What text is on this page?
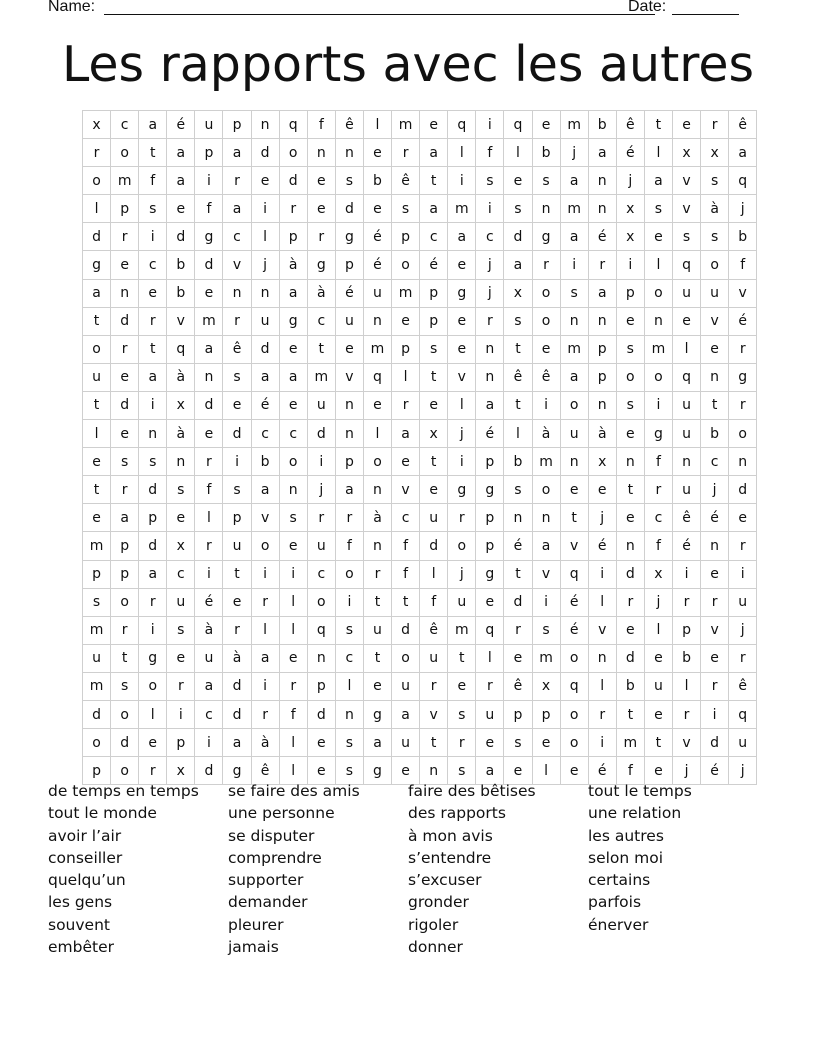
Name:	Date:
Les rapports avec les autres
x	c	a	é	u	p	n	q	f	ê	l	m	e	q	i	q	e	m	b	ê	t	e	r	ê
r	o	t	a	p	a	d	o	n	n	e	r	a	l	f	l	b	j	a	é	l	x	x	a
o	m	f	a	i	r	e	d	e	s	b	ê	t	i	s	e	s	a	n	j	a	v	s	q
l	p	s	e	f	a	i	r	e	d	e	s	a	m	i	s	n	m	n	x	s	v	à	j
d	r	i	d	g	c	l	p	r	g	é	p	c	a	c	d	g	a	é	x	e	s	s	b
g	e	c	b	d	v	j	à	g	p	é	o	é	e	j	a	r	i	r	i	l	q	o	f
a	n	e	b	e	n	n	a	à	é	u	m	p	g	j	x	o	s	a	p	o	u	u	v
t	d	r	v	m	r	u	g	c	u	n	e	p	e	r	s	o	n	n	e	n	e	v	é
o	r	t	q	a	ê	d	e	t	e	m	p	s	e	n	t	e	m	p	s	m	l	e	r
u	e	a	à	n	s	a	a	m	v	q	l	t	v	n	ê	ê	a	p	o	o	q	n	g
t	d	i	x	d	e	é	e	u	n	e	r	e	l	a	t	i	o	n	s	i	u	t	r
l	e	n	à	e	d	c	c	d	n	l	a	x	j	é	l	à	u	à	e	g	u	b	o
e	s	s	n	r	i	b	o	i	p	o	e	t	i	p	b	m	n	x	n	f	n	c	n
t	r	d	s	f	s	a	n	j	a	n	v	e	g	g	s	o	e	e	t	r	u	j	d
e	a	p	e	l	p	v	s	r	r	à	c	u	r	p	n	n	t	j	e	c	ê	é	e
m	p	d	x	r	u	o	e	u	f	n	f	d	o	p	é	a	v	é	n	f	é	n	r
p	p	a	c	i	t	i	i	c	o	r	f	l	j	g	t	v	q	i	d	x	i	e	i
s	o	r	u	é	e	r	l	o	i	t	t	f	u	e	d	i	é	l	r	j	r	r	u
m	r	i	s	à	r	l	l	q	s	u	d	ê	m	q	r	s	é	v	e	l	p	v	j
u	t	g	e	u	à	a	e	n	c	t	o	u	t	l	e	m	o	n	d	e	b	e	r
m	s	o	r	a	d	i	r	p	l	e	u	r	e	r	ê	x	q	l	b	u	l	r	ê
d	o	l	i	c	d	r	f	d	n	g	a	v	s	u	p	p	o	r	t	e	r	i	q
o	d	e	p	i	a	à	l	e	s	a	u	t	r	e	s	e	o	i	m	t	v	d	u
p	o	r	x	d	g	ê	l	e	s	g	e	n	s	a	e	l	e	é	f	e	j	é	j
de temps en temps
tout le monde
avoir l’air
conseiller
quelqu’un
les gens
souvent
embêter
se faire des amis
une personne
se disputer
comprendre
supporter
demander
pleurer
jamais
faire des bêtises
des rapports
à mon avis
s’entendre
s’excuser
gronder
rigoler
donner
tout le temps
une relation
les autres
selon moi
certains
parfois
énerver
